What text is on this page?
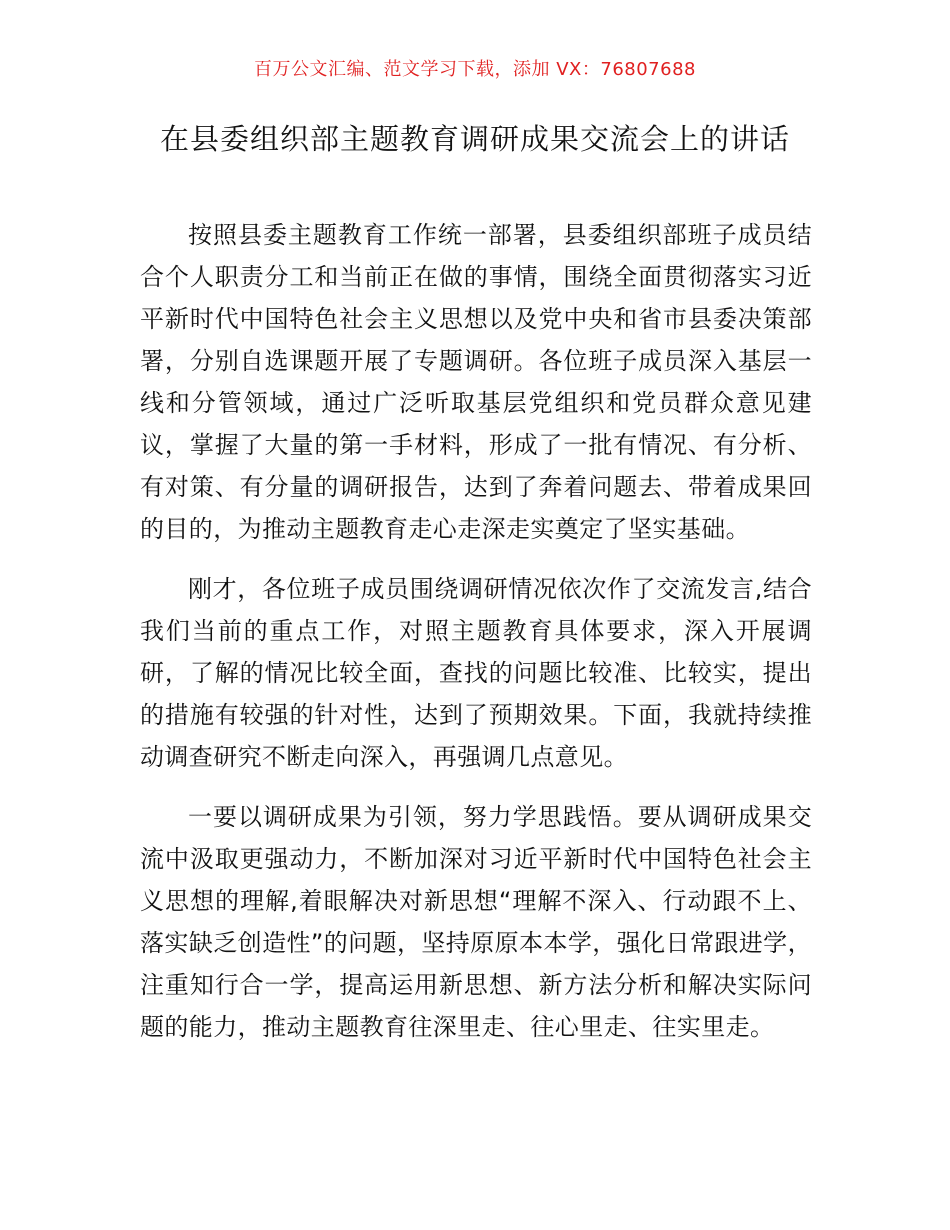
百万公文汇编、范文学习下载，添加 VX：76807688
在县委组织部主题教育调研成果交流会上的讲话

按照县委主题教育工作统一部署，县委组织部班子成员结合个人职责分工和当前正在做的事情，围绕全面贯彻落实习近平新时代中国特色社会主义思想以及党中央和省市县委决策部署，分别自选课题开展了专题调研。各位班子成员深入基层一线和分管领域，通过广泛听取基层党组织和党员群众意见建议，掌握了大量的第一手材料，形成了一批有情况、有分析、有对策、有分量的调研报告，达到了奔着问题去、带着成果回的目的，为推动主题教育走心走深走实奠定了坚实基础。

刚才，各位班子成员围绕调研情况依次作了交流发言,结合我们当前的重点工作，对照主题教育具体要求，深入开展调研，了解的情况比较全面，查找的问题比较准、比较实，提出的措施有较强的针对性，达到了预期效果。下面，我就持续推动调查研究不断走向深入，再强调几点意见。

一要以调研成果为引领，努力学思践悟。要从调研成果交流中汲取更强动力，不断加深对习近平新时代中国特色社会主义思想的理解,着眼解决对新思想“理解不深入、行动跟不上、落实缺乏创造性”的问题，坚持原原本本学，强化日常跟进学，注重知行合一学，提高运用新思想、新方法分析和解决实际问题的能力，推动主题教育往深里走、往心里走、往实里走。
